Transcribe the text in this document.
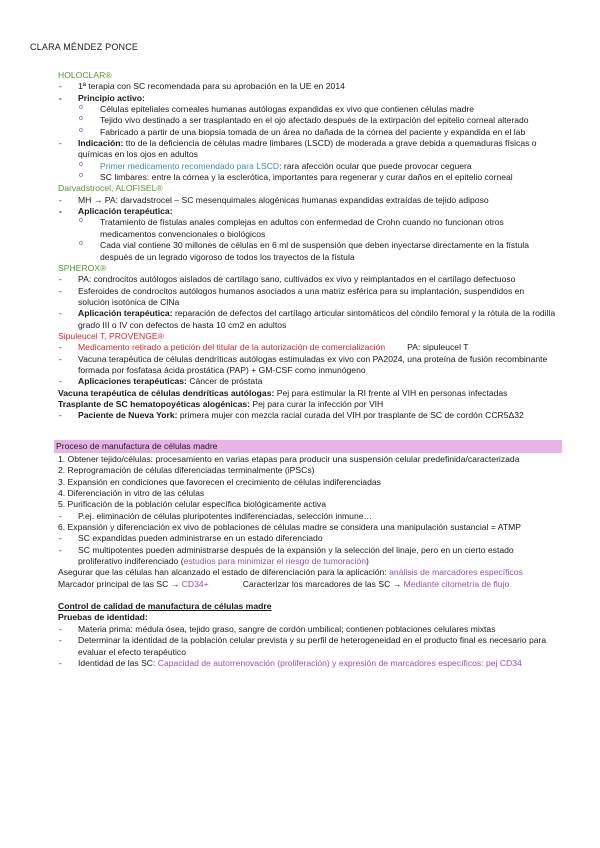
CLARA MÉNDEZ PONCE

HOLOCLAR®

- 1ª terapia con SC recomendada para su aprobación en la UE en 2014

- Principio activo:

o Células epiteliales corneales humanas autólogas expandidas ex vivo que contienen células madre

o Tejido vivo destinado a ser trasplantado en el ojo afectado después de la extirpación del epitelio corneal alterado

o Fabricado a partir de una biopsia tomada de un área no dañada de la córnea del paciente y expandida en el lab

- Indicación: tto de la deficiencia de células madre limbares (LSCD) de moderada a grave debida a quemaduras físicas o químicas en los ojos en adultos

o Primer medicamento recomendado para LSCD: rara afección ocular que puede provocar ceguera

o SC limbares: entre la córnea y la esclerótica, importantes para regenerar y curar daños en el epitelio corneal

Darvadstrocel, ALOFISEL®

- MH → PA: darvadstrocel – SC mesenquimales alogénicas humanas expandidas extraídas de tejido adiposo

- Aplicación terapéutica:

o Tratamiento de fístulas anales complejas en adultos con enfermedad de Crohn cuando no funcionan otros medicamentos convencionales o biológicos

o Cada vial contiene 30 millones de células en 6 ml de suspensión que deben inyectarse directamente en la fístula después de un legrado vigoroso de todos los trayectos de la fístula

SPHEROX®

- PA: condrocitos autólogos aislados de cartílago sano, cultivados ex vivo y reimplantados en el cartílago defectuoso

- Esferoides de condrocitos autólogos humanos asociados a una matriz esférica para su implantación, suspendidos en solución isotónica de ClNa

- Aplicación terapéutica: reparación de defectos del cartílago articular sintomáticos del cóndilo femoral y la rótula de la rodilla grado III o IV con defectos de hasta 10 cm2 en adultos

Sipuleucel T, PROVENGE®

- Medicamento retirado a petición del titular de la autorización de comercialización	PA: sipuleucel T

- Vacuna terapéutica de células dendríticas autólogas estimuladas ex vivo con PA2024, una proteína de fusión recombinante formada por fosfatasa ácida prostática (PAP) + GM-CSF como inmunógeno

- Aplicaciones terapéuticas: Cáncer de próstata

Vacuna terapéutica de células dendríticas autólogas: Pej para estimular la RI frente al VIH en personas infectadas

Trasplante de SC hematopoyéticas alogénicas: Pej para curar la infección por VIH

- Paciente de Nueva York: primera mujer con mezcla racial curada del VIH por trasplante de SC de cordón CCR5Δ32

Proceso de manufactura de células madre

1. Obtener tejido/células: procesamiento en varias etapas para producir una suspensión celular predefinida/caracterizada

2. Reprogramación de células diferenciadas terminalmente (iPSCs)

3. Expansión en condiciones que favorecen el crecimiento de células indiferenciadas

4. Diferenciación in vitro de las células

5. Purificación de la población celular específica biológicamente activa

- P.ej. eliminación de células pluripotentes indiferenciadas, selección inmune…

6. Expansión y diferenciación ex vivo de poblaciones de células madre se considera una manipulación sustancial = ATMP

- SC expandidas pueden administrarse en un estado diferenciado

- SC multipotentes pueden administrarse después de la expansión y la selección del linaje, pero en un cierto estado proliferativo indiferenciado (estudios para minimizar el riesgo de tumoración)

Asegurar que las células han alcanzado el estado de diferenciación para la aplicación: análisis de marcadores específicos

Marcador principal de las SC → CD34+	Caracterizar los marcadores de las SC → Mediante citometría de flujo

Control de calidad de manufactura de células madre

Pruebas de identidad:

- Materia prima: médula ósea, tejido graso, sangre de cordón umbilical; contienen poblaciones celulares mixtas

- Determinar la identidad de la población celular prevista y su perfil de heterogeneidad en el producto final es necesario para evaluar el efecto terapéutico

- Identidad de las SC: Capacidad de autorrenovación (proliferación) y expresión de marcadores específicos: pej CD34
